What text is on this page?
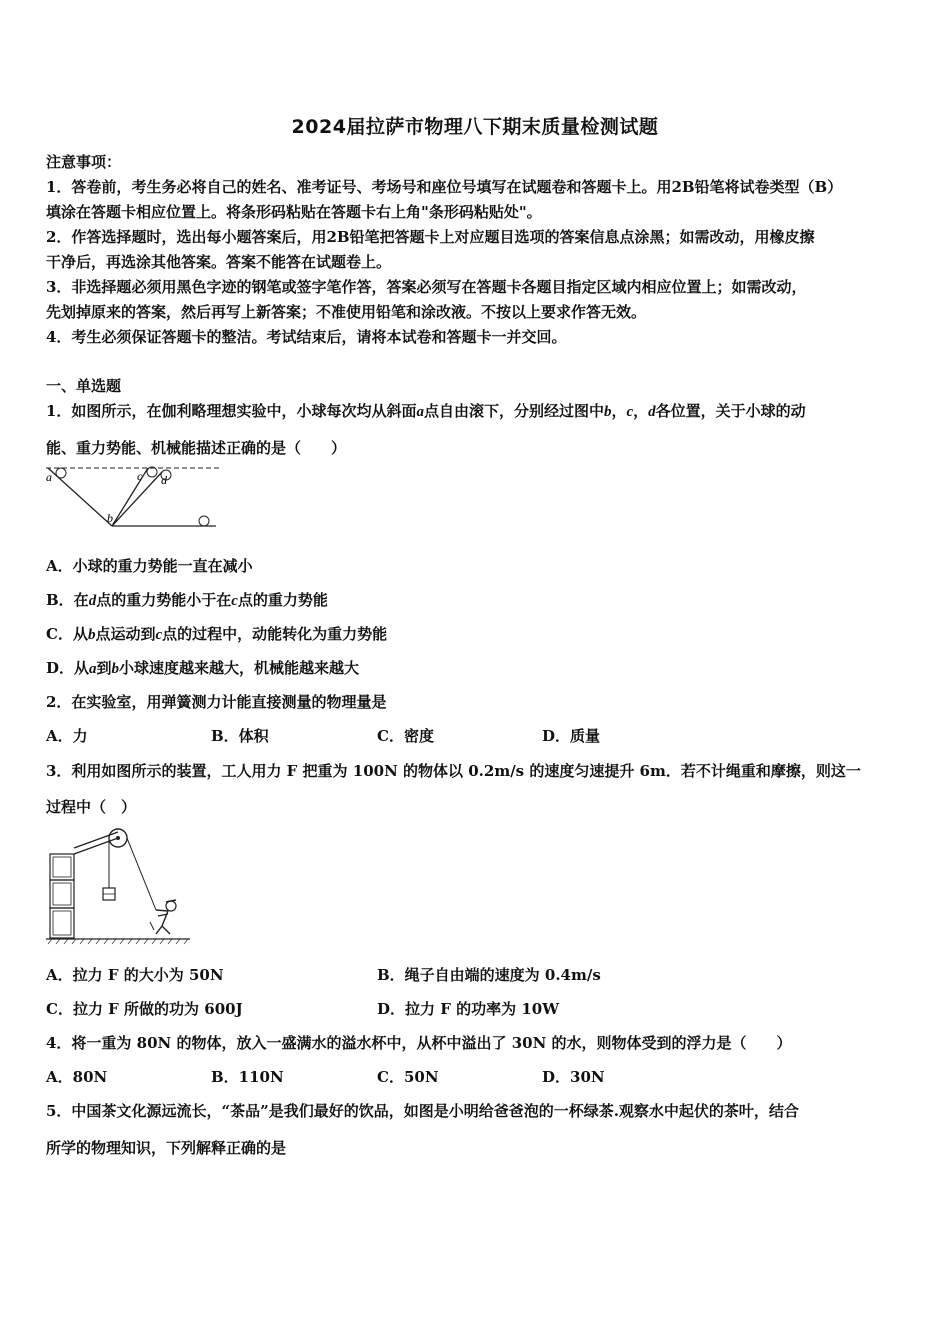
2024届拉萨市物理八下期末质量检测试题
注意事项：
1．答卷前，考生务必将自己的姓名、准考证号、考场号和座位号填写在试题卷和答题卡上。用2B铅笔将试卷类型（B）
填涂在答题卡相应位置上。将条形码粘贴在答题卡右上角"条形码粘贴处"。
2．作答选择题时，选出每小题答案后，用2B铅笔把答题卡上对应题目选项的答案信息点涂黑；如需改动，用橡皮擦
干净后，再选涂其他答案。答案不能答在试题卷上。
3．非选择题必须用黑色字迹的钢笔或签字笔作答，答案必须写在答题卡各题目指定区域内相应位置上；如需改动，
先划掉原来的答案，然后再写上新答案；不准使用铅笔和涂改液。不按以上要求作答无效。
4．考生必须保证答题卡的整洁。考试结束后，请将本试卷和答题卡一并交回。
一、单选题
1．如图所示，在伽利略理想实验中，小球每次均从斜面a点自由滚下，分别经过图中b，c，d各位置，关于小球的动
能、重力势能、机械能描述正确的是（　　）
a
b
c d
A．小球的重力势能一直在减小
B．在d点的重力势能小于在c点的重力势能
C．从b点运动到c点的过程中，动能转化为重力势能
D．从a到b小球速度越来越大，机械能越来越大
2．在实验室，用弹簧测力计能直接测量的物理量是
A．力	B．体积	C．密度	D．质量
3．利用如图所示的装置，工人用力 F 把重为 100N 的物体以 0.2m/s 的速度匀速提升 6m．若不计绳重和摩擦，则这一
过程中（　）
A．拉力 F 的大小为 50N	B．绳子自由端的速度为 0.4m/s
C．拉力 F 所做的功为 600J	D．拉力 F 的功率为 10W
4．将一重为 80N 的物体，放入一盛满水的溢水杯中，从杯中溢出了 30N 的水，则物体受到的浮力是（　　）
A．80N	B．110N	C．50N	D．30N
5．中国茶文化源远流长，“茶品”是我们最好的饮品，如图是小明给爸爸泡的一杯绿茶.观察水中起伏的茶叶，结合
所学的物理知识，下列解释正确的是
